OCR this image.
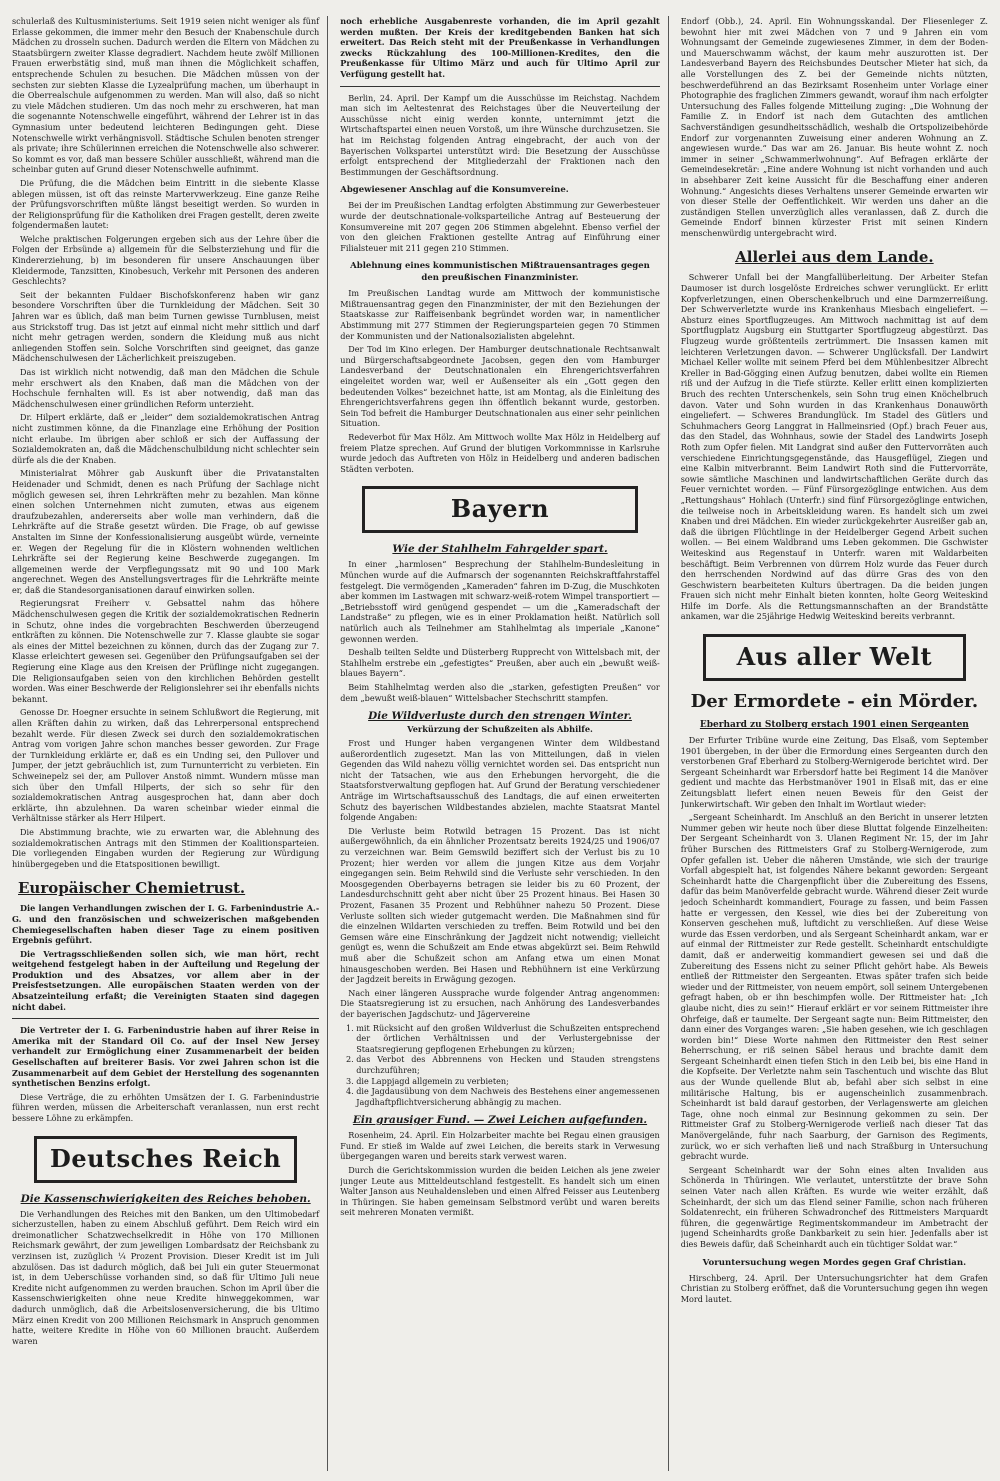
schulerlaß des Kultusministeriums. Seit 1919 seien nicht weniger als fünf Erlasse gekommen, die immer mehr den Besuch der Knabenschule durch Mädchen zu drosseln suchen. Dadurch werden die Eltern von Mädchen zu Staatsbürgern zweiter Klasse degradiert. Nachdem heute zwölf Millionen Frauen erwerbstätig sind, muß man ihnen die Möglichkeit schaffen, entsprechende Schulen zu besuchen. Die Mädchen müssen von der sechsten zur siebten Klasse die Lyzealprüfung machen, um überhaupt in die Oberrealschule aufgenommen zu werden. Man will also, daß so nicht zu viele Mädchen studieren. Um das noch mehr zu erschweren, hat man die sogenannte Notenschwelle eingeführt, während der Lehrer ist in das Gymnasium unter bedeutend leichteren Bedingungen geht. Diese Notenschwelle wirkt verhängnisvoll. Städtische Schulen benoten strenger als private; ihre Schülerinnen erreichen die Notenschwelle also schwerer. So kommt es vor, daß man bessere Schüler ausschließt, während man die scheinbar guten auf Grund dieser Notenschwelle aufnimmt.

Die Prüfung, die die Mädchen beim Eintritt in die siebente Klasse ablegen müssen, ist oft das reinste Martervwerkzeug. Eine ganze Reihe der Prüfungsvorschriften müßte längst beseitigt werden. So wurden in der Religionsprüfung für die Katholiken drei Fragen gestellt, deren zweite folgendermaßen lautet:

Welche praktischen Folgerungen ergeben sich aus der Lehre über die Folgen der Erbsünde a) allgemein für die Selbsterziehung und für die Kindererziehung, b) im besonderen für unsere Anschauungen über Kleidermode, Tanzsitten, Kinobesuch, Verkehr mit Personen des anderen Geschlechts?

Seit der bekannten Fuldaer Bischofskonferenz haben wir ganz besondere Vorschriften über die Turnkleidung der Mädchen. Seit 30 Jahren war es üblich, daß man beim Turnen gewisse Turnblusen, meist aus Strickstoff trug. Das ist jetzt auf einmal nicht mehr sittlich und darf nicht mehr getragen werden, sondern die Kleidung muß aus nicht anliegenden Stoffen sein. Solche Vorschriften sind geeignet, das ganze Mädchenschulwesen der Lächerlichkeit preiszugeben.

Das ist wirklich nicht notwendig, daß man den Mädchen die Schule mehr erschwert als den Knaben, daß man die Mädchen von der Hochschule fernhalten will. Es ist aber notwendig, daß man das Mädchenschulwesen einer gründlichen Reform unterzieht.

Dr. Hilpert erklärte, daß er „leider“ dem sozialdemokratischen Antrag nicht zustimmen könne, da die Finanzlage eine Erhöhung der Position nicht erlaube. Im übrigen aber schloß er sich der Auffassung der Sozialdemokraten an, daß die Mädchenschulbildung nicht schlechter sein dürfe als die der Knaben.

Ministerialrat Möhrer gab Auskunft über die Privatanstalten Heidenader und Schmidt, denen es nach Prüfung der Sachlage nicht möglich gewesen sei, ihren Lehrkräften mehr zu bezahlen. Man könne einen solchen Unternehmen nicht zumuten, etwas aus eigenem draufzubezahlen, andererseits aber wolle man verhindern, daß die Lehrkräfte auf die Straße gesetzt würden. Die Frage, ob auf gewisse Anstalten im Sinne der Konfessionalisierung ausgeübt würde, verneinte er. Wegen der Regelung für die in Klöstern wohnenden weltlichen Lehrkräfte sei der Regierung keine Beschwerde zugegangen. Im allgemeinen werde der Verpflegungssatz mit 90 und 100 Mark angerechnet. Wegen des Anstellungsvertrages für die Lehrkräfte meinte er, daß die Standesorganisationen darauf einwirken sollen.

Regierungsrat Freiherr v. Gebsattel nahm das höhere Mädchenschulwesen gegen die Kritik der sozialdemokratischen Rednerin in Schutz, ohne indes die vorgebrachten Beschwerden überzeugend entkräften zu können. Die Notenschwelle zur 7. Klasse glaubte sie sogar als eines der Mittel bezeichnen zu können, durch das der Zugang zur 7. Klasse erleichtert gewesen sei. Gegenüber den Prüfungsaufgaben sei der Regierung eine Klage aus den Kreisen der Prüflinge nicht zugegangen. Die Religionsaufgaben seien von den kirchlichen Behörden gestellt worden. Was einer Beschwerde der Religionslehrer sei ihr ebenfalls nichts bekannt.

Genosse Dr. Hoegner ersuchte in seinem Schlußwort die Regierung, mit allen Kräften dahin zu wirken, daß das Lehrerpersonal entsprechend bezahlt werde. Für diesen Zweck sei durch den sozialdemokratischen Antrag vom vorigen Jahre schon manches besser geworden. Zur Frage der Turnkleidung erklärte er, daß es ein Unding sei, den Pullover und Jumper, der jetzt gebräuchlich ist, zum Turnunterricht zu verbieten. Ein Schweinepelz sei der, am Pullover Anstoß nimmt. Wundern müsse man sich über den Umfall Hilperts, der sich so sehr für den sozialdemokratischen Antrag ausgesprochen hat, dann aber doch erklärte, ihn abzulehnen. Da waren scheinbar wieder einmal die Verhältnisse stärker als Herr Hilpert.

Die Abstimmung brachte, wie zu erwarten war, die Ablehnung des sozialdemokratischen Antrags mit den Stimmen der Koalitionsparteien. Die vorliegenden Eingaben wurden der Regierung zur Würdigung hinübergegeben und die Etatspositionen bewilligt.

Europäischer Chemietrust.

Die langen Verhandlungen zwischen der I. G. Farbenindustrie A.-G. und den französischen und schweizerischen maßgebenden Chemiegesellschaften haben dieser Tage zu einem positiven Ergebnis geführt.

Die Vertragsschließenden sollen sich, wie man hört, recht weitgehend festgelegt haben in der Aufteilung und Regelung der Produktion und des Absatzes, vor allem aber in der Preisfestsetzungen. Alle europäischen Staaten werden von der Absatzeinteilung erfaßt; die Vereinigten Staaten sind dagegen nicht dabei.

Die Vertreter der I. G. Farbenindustrie haben auf ihrer Reise in Amerika mit der Standard Oil Co. auf der Insel New Jersey verhandelt zur Ermöglichung einer Zusammenarbeit der beiden Gesellschaften auf breiterer Basis. Vor zwei Jahren schon ist die Zusammenarbeit auf dem Gebiet der Herstellung des sogenannten synthetischen Benzins erfolgt.

Diese Verträge, die zu erhöhten Umsätzen der I. G. Farbenindustrie führen werden, müssen die Arbeiterschaft veranlassen, nun erst recht bessere Löhne zu erkämpfen.

Deutsches Reich
Die Kassenschwierigkeiten des Reiches behoben.

Die Verhandlungen des Reiches mit den Banken, um den Ultimobedarf sicherzustellen, haben zu einem Abschluß geführt. Dem Reich wird ein dreimonatlicher Schatzwechselkredit in Höhe von 170 Millionen Reichsmark gewährt, der zum jeweiligen Lombardsatz der Reichsbank zu verzinsen ist, zuzüglich ¼ Prozent Provision. Dieser Kredit ist im Juli abzulösen. Das ist dadurch möglich, daß bei Juli ein guter Steuermonat ist, in dem Ueberschüsse vorhanden sind, so daß für Ultimo Juli neue Kredite nicht aufgenommen zu werden brauchen. Schon im April über die Kassenschwierigkeiten ohne neue Kredite hinweggekommen, war dadurch unmöglich, daß die Arbeitslosenversicherung, die bis Ultimo März einen Kredit von 200 Millionen Reichsmark in Anspruch genommen hatte, weitere Kredite in Höhe von 60 Millionen braucht. Außerdem waren

noch erhebliche Ausgabenreste vorhanden, die im April gezahlt werden mußten. Der Kreis der kreditgebenden Banken hat sich erweitert. Das Reich steht mit der Preußenkasse in Verhandlungen zwecks Rückzahlung des 100-Millionen-Kredites, den die Preußenkasse für Ultimo März und auch für Ultimo April zur Verfügung gestellt hat.

Berlin, 24. April. Der Kampf um die Ausschüsse im Reichstag. Nachdem man sich im Aeltestenrat des Reichstages über die Neuverteilung der Ausschüsse nicht einig werden konnte, unternimmt jetzt die Wirtschaftspartei einen neuen Vorstoß, um ihre Wünsche durchzusetzen. Sie hat im Reichstag folgenden Antrag eingebracht, der auch von der Bayerischen Volkspartei unterstützt wird: Die Besetzung der Ausschüsse erfolgt entsprechend der Mitgliederzahl der Fraktionen nach den Bestimmungen der Geschäftsordnung.

Abgewiesener Anschlag auf die Konsumvereine.

Bei der im Preußischen Landtag erfolgten Abstimmung zur Gewerbesteuer wurde der deutschnationale-volksparteiliche Antrag auf Besteuerung der Konsumvereine mit 207 gegen 206 Stimmen abgelehnt. Ebenso verfiel der von den gleichen Fraktionen gestellte Antrag auf Einführung einer Filialsteuer mit 211 gegen 210 Stimmen.

Ablehnung eines kommunistischen Mißtrauensantrages gegen den preußischen Finanzminister.

Im Preußischen Landtag wurde am Mittwoch der kommunistische Mißtrauensantrag gegen den Finanzminister, der mit den Beziehungen der Staatskasse zur Raiffeisenbank begründet worden war, in namentlicher Abstimmung mit 277 Stimmen der Regierungsparteien gegen 70 Stimmen der Kommunisten und der Nationalsozialisten abgelehnt.

Der Tod im Kino erlegen. Der Hamburger deutschnationale Rechtsanwalt und Bürgerschaftsabgeordnete Jacobsen, gegen den vom Hamburger Landesverband der Deutschnationalen ein Ehrengerichtsverfahren eingeleitet worden war, weil er Außenseiter als ein „Gott gegen den bedeutenden Volkes“ bezeichnet hatte, ist am Montag, als die Einleitung des Ehrengerichtsverfahrens gegen ihn öffentlich bekannt wurde, gestorben. Sein Tod befreit die Hamburger Deutschnationalen aus einer sehr peinlichen Situation.

Redeverbot für Max Hölz. Am Mittwoch wollte Max Hölz in Heidelberg auf freiem Platze sprechen. Auf Grund der blutigen Vorkommnisse in Karlsruhe wurde jedoch das Auftreten von Hölz in Heidelberg und anderen badischen Städten verboten.

Bayern
Wie der Stahlhelm Fahrgelder spart.

In einer „harmlosen“ Besprechung der Stahlhelm-Bundesleitung in München wurde auf die Aufmarsch der sogenannten Reichskraftfahrstaffel festgelegt. Die vermögenden „Kameraden“ fahren im D-Zug, die Muschkoten aber kommen im Lastwagen mit schwarz-weiß-rotem Wimpel transportiert — „Betriebsstoff wird genügend gespendet — um die „Kameradschaft der Landstraße“ zu pflegen, wie es in einer Proklamation heißt. Natürlich soll natürlich auch als Teilnehmer am Stahlhelmtag als imperiale „Kanone“ gewonnen werden.

Deshalb teilten Seldte und Düsterberg Rupprecht von Wittelsbach mit, der Stahlhelm erstrebe ein „gefestigtes“ Preußen, aber auch ein „bewußt weiß-blaues Bayern“.

Beim Stahlhelmtag werden also die „starken, gefestigten Preußen“ vor dem „bewußt weiß-blauen“ Wittelsbacher Stechschritt stampfen.

Die Wildverluste durch den strengen Winter.
Verkürzung der Schußzeiten als Abhilfe.

Frost und Hunger haben vergangenen Winter dem Wildbestand außerordentlich zugesetzt. Man las von Mitteilungen, daß in vielen Gegenden das Wild nahezu völlig vernichtet worden sei. Das entspricht nun nicht der Tatsachen, wie aus den Erhebungen hervorgeht, die die Staatsforstverwaltung gepflogen hat. Auf Grund der Beratung verschiedener Anträge im Wirtschaftsausschuß des Landtags, die auf einen erweiterten Schutz des bayerischen Wildbestandes abzielen, machte Staatsrat Mantel folgende Angaben:

Die Verluste beim Rotwild betragen 15 Prozent. Das ist nicht außergewöhnlich, da ein ähnlicher Prozentsatz bereits 1924/25 und 1906/07 zu verzeichnen war. Beim Gemswild beziffert sich der Verlust bis zu 10 Prozent; hier werden vor allem die jungen Kitze aus dem Vorjahr eingegangen sein. Beim Rehwild sind die Verluste sehr verschieden. In den Moosgegenden Oberbayerns betragen sie leider bis zu 60 Prozent, der Landesdurchschnitt geht aber nicht über 25 Prozent hinaus. Bei Hasen 30 Prozent, Fasanen 35 Prozent und Rebhühner nahezu 50 Prozent. Diese Verluste sollten sich wieder gutgemacht werden. Die Maßnahmen sind für die einzelnen Wildarten verschieden zu treffen. Beim Rotwild und bei den Gemsen wäre eine Einschränkung der Jagdzeit nicht notwendig; vielleicht genügt es, wenn die Schußzeit am Ende etwas abgekürzt sei. Beim Rehwild muß aber die Schußzeit schon am Anfang etwa um einen Monat hinausgeschoben werden. Bei Hasen und Rebhühnern ist eine Verkürzung der Jagdzeit bereits in Erwägung gezogen.

Nach einer längeren Aussprache wurde folgender Antrag angenommen: Die Staatsregierung ist zu ersuchen, nach Anhörung des Landesverbandes der bayerischen Jagdschutz- und Jägervereine

1. mit Rücksicht auf den großen Wildverlust die Schußzeiten entsprechend der örtlichen Verhältnissen und der Verlustergebnisse der Staatsregierung gepflogenen Erhebungen zu kürzen;
2. das Verbot des Abbrennens von Hecken und Stauden strengstens durchzuführen;
3. die Lappjagd allgemein zu verbieten;
4. die Jagdausübung von dem Nachweis des Bestehens einer angemessenen Jagdhaftpflichtversicherung abhängig zu machen.
Ein grausiger Fund. — Zwei Leichen aufgefunden.

Rosenheim, 24. April. Ein Holzarbeiter machte bei Regau einen grausigen Fund. Er stieß im Walde auf zwei Leichen, die bereits stark in Verwesung übergegangen waren und bereits stark verwest waren.

Durch die Gerichtskommission wurden die beiden Leichen als jene zweier junger Leute aus Mitteldeutschland festgestellt. Es handelt sich um einen Walter Janson aus Neuhaldensleben und einen Alfred Feisser aus Leutenberg in Thüringen. Sie haben gemeinsam Selbstmord verübt und waren bereits seit mehreren Monaten vermißt.

Endorf (Obb.), 24. April. Ein Wohnungsskandal. Der Fliesenleger Z. bewohnt hier mit zwei Mädchen von 7 und 9 Jahren ein vom Wohnungsamt der Gemeinde zugewiesenes Zimmer, in dem der Boden- und Mauerschwamm wächst, der kaum mehr auszurotten ist. Der Landesverband Bayern des Reichsbundes Deutscher Mieter hat sich, da alle Vorstellungen des Z. bei der Gemeinde nichts nützten, beschwerdeführend an das Bezirksamt Rosenheim unter Vorlage einer Photographie des fraglichen Zimmers gewandt, worauf ihm nach erfolgter Untersuchung des Falles folgende Mitteilung zuging: „Die Wohnung der Familie Z. in Endorf ist nach dem Gutachten des amtlichen Sachverständigen gesundheitsschädlich, weshalb die Ortspolizeibehörde Endorf zur vorgenannten Zuweisung einer anderen Wohnung an Z. angewiesen wurde.“ Das war am 26. Januar. Bis heute wohnt Z. noch immer in seiner „Schwammerlwohnung“. Auf Befragen erklärte der Gemeindesekretär: „Eine andere Wohnung ist nicht vorhanden und auch in absehbarer Zeit keine Aussicht für die Beschaffung einer anderen Wohnung.“ Angesichts dieses Verhaltens unserer Gemeinde erwarten wir von dieser Stelle der Oeffentlichkeit. Wir werden uns daher an die zuständigen Stellen unverzüglich alles veranlassen, daß Z. durch die Gemeinde Endorf binnen kürzester Frist mit seinen Kindern menschenwürdig untergebracht wird.

Allerlei aus dem Lande.

Schwerer Unfall bei der Mangfallüberleitung. Der Arbeiter Stefan Daumoser ist durch losgelöste Erdreiches schwer verunglückt. Er erlitt Kopfverletzungen, einen Oberschenkelbruch und eine Darmzerreißung. Der Schwerverletzte wurde ins Krankenhaus Miesbach eingeliefert. — Absturz eines Sportflugzeuges. Am Mittwoch nachmittag ist auf dem Sportflugplatz Augsburg ein Stuttgarter Sportflugzeug abgestürzt. Das Flugzeug wurde größtenteils zertrümmert. Die Insassen kamen mit leichteren Verletzungen davon. — Schwerer Unglücksfall. Der Landwirt Michael Keller wollte mit seinem Pferd bei dem Mühlenbesitzer Albrecht Kreller in Bad-Gögging einen Aufzug benutzen, dabei wollte ein Riemen riß und der Aufzug in die Tiefe stürzte. Keller erlitt einen komplizierten Bruch des rechten Unterschenkels, sein Sohn trug einen Knöchelbruch davon. Vater und Sohn wurden in das Krankenhaus Donauwörth eingeliefert. — Schweres Brandunglück. Im Stadel des Gütlers und Schuhmachers Georg Langgrat in Hallmeinsried (Opf.) brach Feuer aus, das den Stadel, das Wohnhaus, sowie der Stadel des Landwirts Joseph Roth zum Opfer fielen. Mit Landgrat sind außer den Futtervorräten auch verschiedene Einrichtungsgegenstände, das Hausgeflügel, Ziegen und eine Kalbin mitverbrannt. Beim Landwirt Roth sind die Futtervorräte, sowie sämtliche Maschinen und landwirtschaftlichen Geräte durch das Feuer vernichtet worden. — Fünf Fürsorgezöglinge entwichen. Aus dem „Rettungshaus“ Hohlach (Unterfr.) sind fünf Fürsorgezöglinge entwichen, die teilweise noch in Arbeitskleidung waren. Es handelt sich um zwei Knaben und drei Mädchen. Ein wieder zurückgekehrter Ausreißer gab an, daß die übrigen Flüchtlinge in der Heidelberger Gegend Arbeit suchen wollen. — Bei einem Waldbrand ums Leben gekommen. Die Gschwister Weiteskind aus Regenstauf in Unterfr. waren mit Waldarbeiten beschäftigt. Beim Verbrennen von dürrem Holz wurde das Feuer durch den herrschenden Nordwind auf das dürre Gras des von den Geschwistern bearbeiteten Kulturs übertragen. Da die beiden jungen Frauen sich nicht mehr Einhalt bieten konnten, holte Georg Weiteskind Hilfe im Dorfe. Als die Rettungsmannschaften an der Brandstätte ankamen, war die 25jährige Hedwig Weiteskind bereits verbrannt.

Aus aller Welt
Der Ermordete - ein Mörder.
Eberhard zu Stolberg erstach 1901 einen Sergeanten

Der Erfurter Tribüne wurde eine Zeitung, Das Elsaß, vom September 1901 übergeben, in der über die Ermordung eines Sergeanten durch den verstorbenen Graf Eberhard zu Stolberg-Wernigerode berichtet wird. Der Sergeant Scheinhardt war Erbersdorf hatte bei Regiment 14 die Manöver gedient und machte das Herbstmanöver 1901 in Elsaß mit, das er eine Zeitungsblatt liefert einen neuen Beweis für den Geist der Junkerwirtschaft. Wir geben den Inhalt im Wortlaut wieder:

„Sergeant Scheinhardt. Im Anschluß an den Bericht in unserer letzten Nummer geben wir heute noch über diese Bluttat folgende Einzelheiten: Der Sergeant Scheinhardt von 3. Ulanen Regiment Nr. 15, der im Jahr früher Burschen des Rittmeisters Graf zu Stolberg-Wernigerode, zum Opfer gefallen ist. Ueber die näheren Umstände, wie sich der traurige Vorfall abgespielt hat, ist folgendes Nähere bekannt geworden: Sergeant Scheinhardt hatte die Chargenpflicht über die Zubereitung des Essens, dafür das beim Manöverfelde gebracht wurde. Während dieser Zeit wurde jedoch Scheinhardt kommandiert, Fourage zu fassen, und beim Fassen hatte er vergessen, den Kessel, wie dies bei der Zubereitung von Konserven geschehen muß, luftdicht zu verschließen. Auf diese Weise wurde das Essen verdorben, und als Sergeant Scheinhardt ankam, war er auf einmal der Rittmeister zur Rede gestellt. Scheinhardt entschuldigte damit, daß er anderweitig kommandiert gewesen sei und daß die Zubereitung des Essens nicht zu seiner Pflicht gehört habe. Als Beweis entließ der Rittmeister den Sergeanten. Etwas später trafen sich beide wieder und der Rittmeister, von neuem empört, soll seinem Untergebenen gefragt haben, ob er ihn beschimpfen wolle. Der Rittmeister hat: „Ich glaube nicht, dies zu sein!“ Hierauf erklärt er vor seinem Rittmeister ihre Ohrfeige, daß er taumelte. Der Sergeant sagte nun: Beim Rittmeister, den dann einer des Vorganges waren: „Sie haben gesehen, wie ich geschlagen worden bin!“ Diese Worte nahmen den Rittmeister den Rest seiner Beherrschung, er riß seinen Säbel heraus und brachte damit dem Sergeant Scheinhardt einen tiefen Stich in den Leib bei, bis eine Hand in die Kopfseite. Der Verletzte nahm sein Taschentuch und wischte das Blut aus der Wunde quellende Blut ab, befahl aber sich selbst in eine militärische Haltung, bis er augenscheinlich zusammenbrach. Scheinhardt ist bald darauf gestorben, der Verlagenswerte am gleichen Tage, ohne noch einmal zur Besinnung gekommen zu sein. Der Rittmeister Graf zu Stolberg-Wernigerode verließ nach dieser Tat das Manövergelände, fuhr nach Saarburg, der Garnison des Regiments, zurück, wo er sich verhaften ließ und nach Straßburg in Untersuchung gebracht wurde.

Sergeant Scheinhardt war der Sohn eines alten Invaliden aus Schönerda in Thüringen. Wie verlautet, unterstützte der brave Sohn seinen Vater nach allen Kräften. Es wurde wie weiter erzählt, daß Scheinhardt, der sich um das Elend seiner Familie, schon nach früheren Soldatenrecht, ein früheren Schwadronchef des Rittmeisters Marquardt führen, die gegenwärtige Regimentskommandeur im Ambetracht der jugend Scheinhardts große Dankbarkeit zu sein hier. Jedenfalls aber ist dies Beweis dafür, daß Scheinhardt auch ein tüchtiger Soldat war.“

Voruntersuchung wegen Mordes gegen Graf Christian.

Hirschberg, 24. April. Der Untersuchungsrichter hat dem Grafen Christian zu Stolberg eröffnet, daß die Voruntersuchung gegen ihn wegen Mord lautet.
